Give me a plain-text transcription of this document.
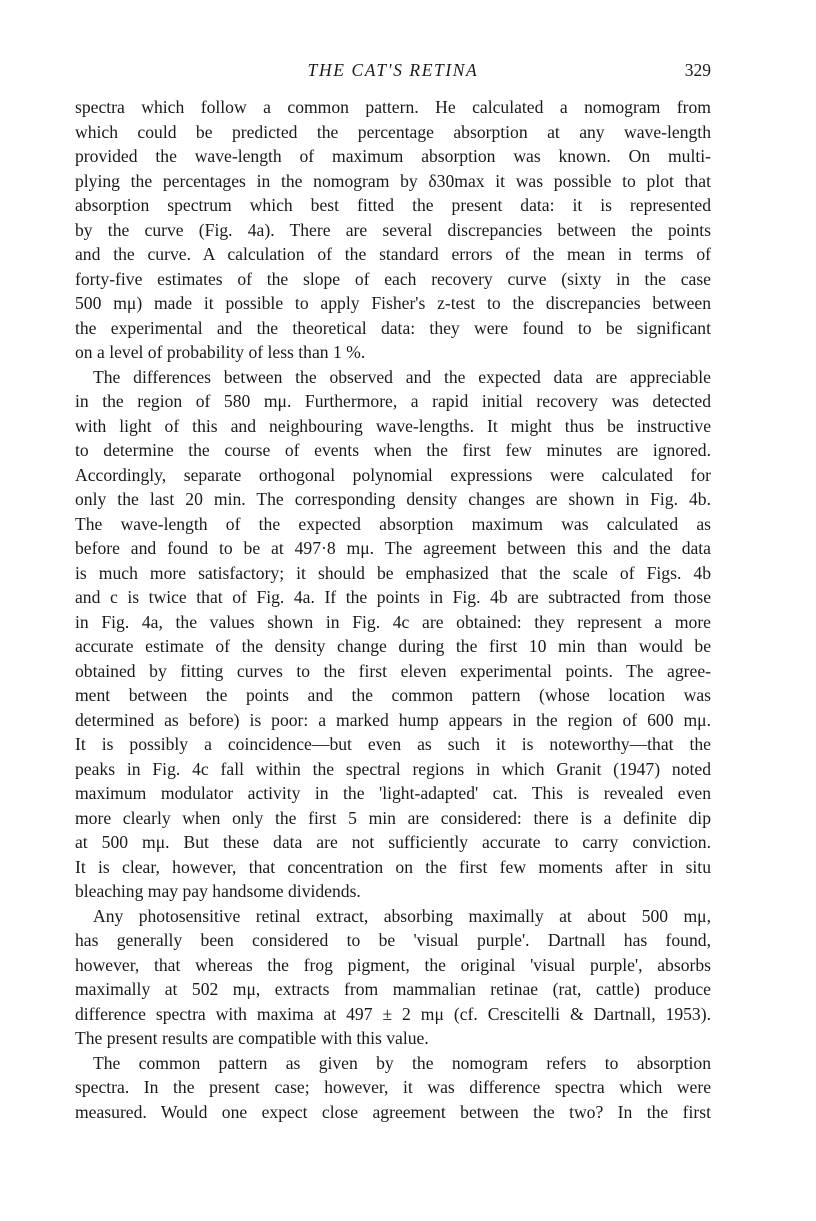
THE CAT'S RETINA	329
spectra which follow a common pattern. He calculated a nomogram from
which could be predicted the percentage absorption at any wave-length
provided the wave-length of maximum absorption was known. On multi-
plying the percentages in the nomogram by δ30max it was possible to plot that
absorption spectrum which best fitted the present data: it is represented
by the curve (Fig. 4a). There are several discrepancies between the points
and the curve. A calculation of the standard errors of the mean in terms of
forty-five estimates of the slope of each recovery curve (sixty in the case
500 mμ) made it possible to apply Fisher's z-test to the discrepancies between
the experimental and the theoretical data: they were found to be significant
on a level of probability of less than 1 %.
The differences between the observed and the expected data are appreciable
in the region of 580 mμ. Furthermore, a rapid initial recovery was detected
with light of this and neighbouring wave-lengths. It might thus be instructive
to determine the course of events when the first few minutes are ignored.
Accordingly, separate orthogonal polynomial expressions were calculated for
only the last 20 min. The corresponding density changes are shown in Fig. 4b.
The wave-length of the expected absorption maximum was calculated as
before and found to be at 497·8 mμ. The agreement between this and the data
is much more satisfactory; it should be emphasized that the scale of Figs. 4b
and c is twice that of Fig. 4a. If the points in Fig. 4b are subtracted from those
in Fig. 4a, the values shown in Fig. 4c are obtained: they represent a more
accurate estimate of the density change during the first 10 min than would be
obtained by fitting curves to the first eleven experimental points. The agree-
ment between the points and the common pattern (whose location was
determined as before) is poor: a marked hump appears in the region of 600 mμ.
It is possibly a coincidence—but even as such it is noteworthy—that the
peaks in Fig. 4c fall within the spectral regions in which Granit (1947) noted
maximum modulator activity in the 'light-adapted' cat. This is revealed even
more clearly when only the first 5 min are considered: there is a definite dip
at 500 mμ. But these data are not sufficiently accurate to carry conviction.
It is clear, however, that concentration on the first few moments after in situ
bleaching may pay handsome dividends.
Any photosensitive retinal extract, absorbing maximally at about 500 mμ,
has generally been considered to be 'visual purple'. Dartnall has found,
however, that whereas the frog pigment, the original 'visual purple', absorbs
maximally at 502 mμ, extracts from mammalian retinae (rat, cattle) produce
difference spectra with maxima at 497 ± 2 mμ (cf. Crescitelli & Dartnall, 1953).
The present results are compatible with this value.
The common pattern as given by the nomogram refers to absorption
spectra. In the present case; however, it was difference spectra which were
measured. Would one expect close agreement between the two? In the first
